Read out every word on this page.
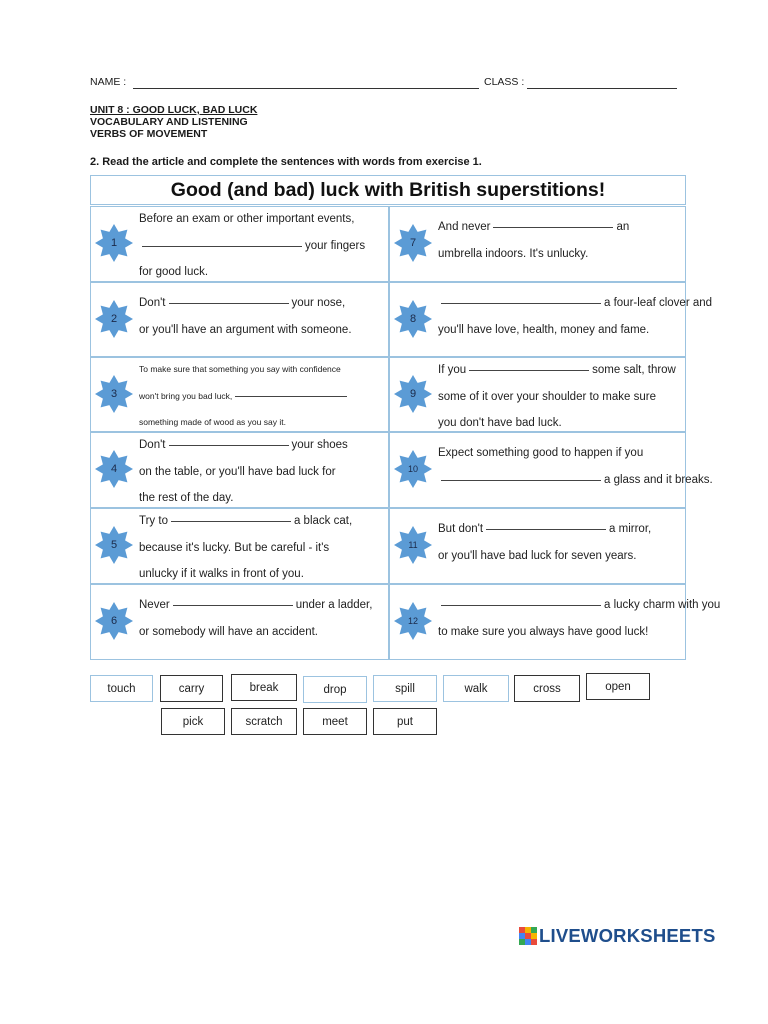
NAME :	CLASS :
UNIT 8 : GOOD LUCK, BAD LUCK
VOCABULARY AND LISTENING
VERBS OF MOVEMENT
2. Read the article and complete the sentences with words from exercise 1.
Good (and bad) luck with British superstitions!
1
Before an exam or other important events,
your fingers
for good luck.
2
Don't	your nose,
or you'll have an argument with someone.
3
To make sure that something you say with confidence
won't bring you bad luck,
something made of wood as you say it.
4
Don't	your shoes
on the table, or you'll have bad luck for
the rest of the day.
5
Try to	a black cat,
because it's lucky. But be careful - it's
unlucky if it walks in front of you.
6
Never	under a ladder,
or somebody will have an accident.
7
And never	an
umbrella indoors. It's unlucky.
8
a four-leaf clover and
you'll have love, health, money and fame.
9
If you	some salt, throw
some of it over your shoulder to make sure
you don't have bad luck.
10
Expect something good to happen if you
a glass and it breaks.
11
But don't	a mirror,
or you'll have bad luck for seven years.
12
a lucky charm with you
to make sure you always have good luck!
touch	carry	break	drop	spill	walk	cross	open
pick	scratch	meet	put
LIVEWORKSHEETS
